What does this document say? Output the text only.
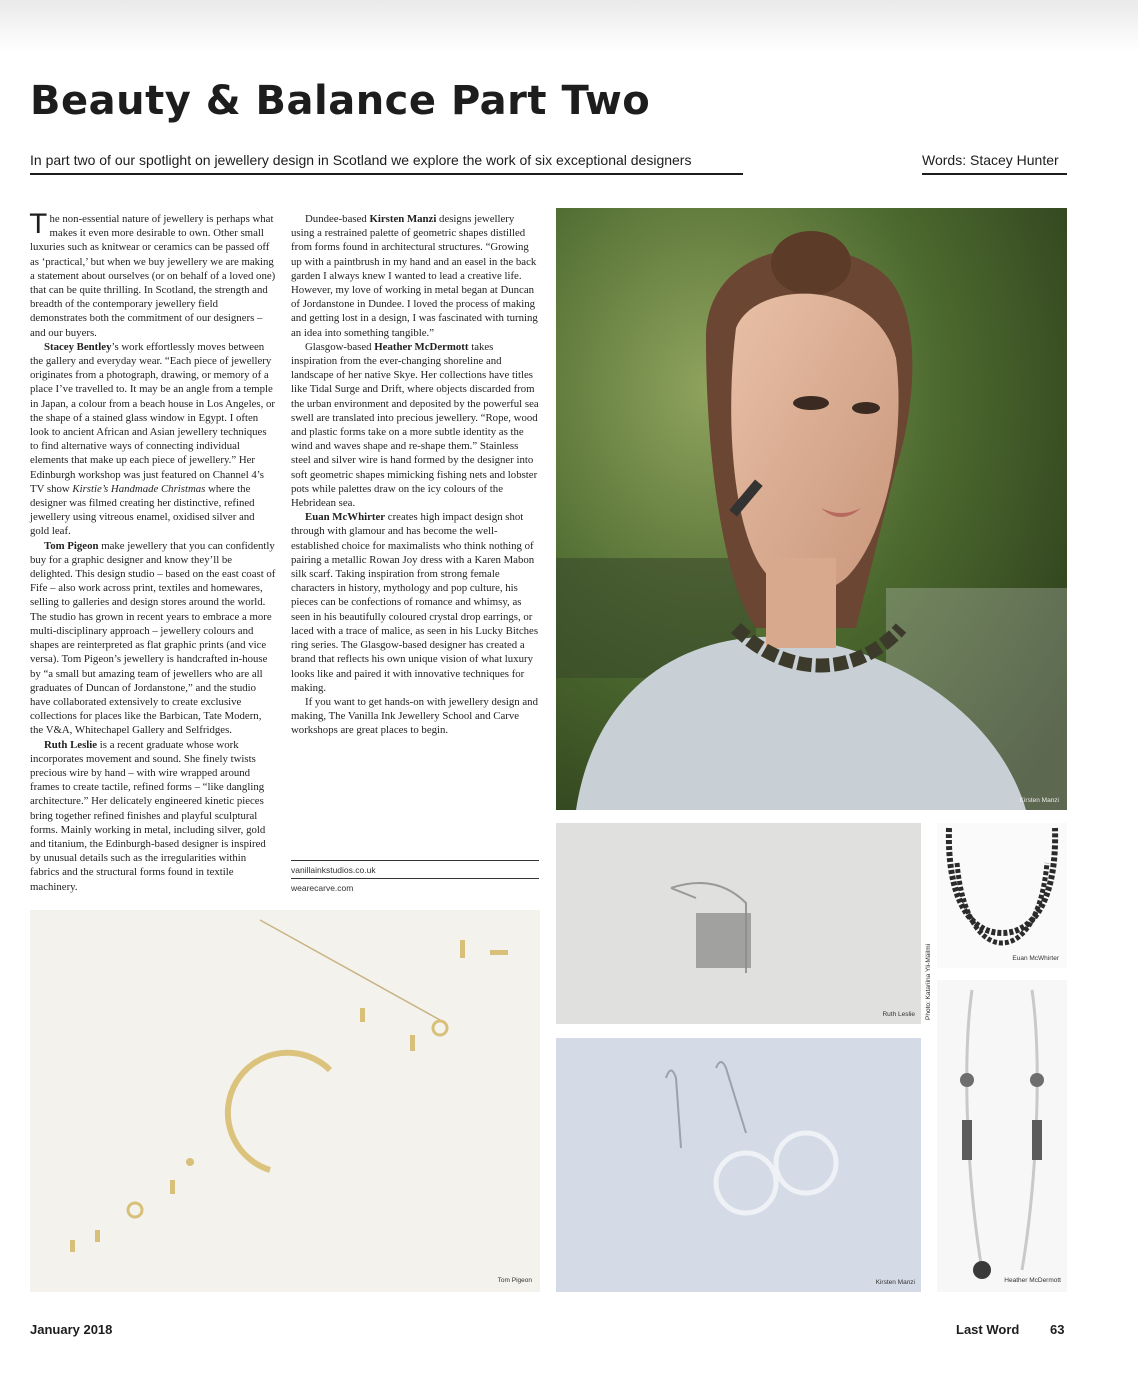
Beauty & Balance Part Two
In part two of our spotlight on jewellery design in Scotland we explore the work of six exceptional designers	Words: Stacey Hunter

The non-essential nature of jewellery is perhaps what makes it even more desirable to own. Other small luxuries such as knitwear or ceramics can be passed off as ‘practical,’ but when we buy jewellery we are making a statement about ourselves (or on behalf of a loved one) that can be quite thrilling. In Scotland, the strength and breadth of the contemporary jewellery field demonstrates both the commitment of our designers – and our buyers.

Stacey Bentley’s work effortlessly moves between the gallery and everyday wear. “Each piece of jewellery originates from a photograph, drawing, or memory of a place I’ve travelled to. It may be an angle from a temple in Japan, a colour from a beach house in Los Angeles, or the shape of a stained glass window in Egypt. I often look to ancient African and Asian jewellery techniques to find alternative ways of connecting individual elements that make up each piece of jewellery.” Her Edinburgh workshop was just featured on Channel 4’s TV show Kirstie’s Handmade Christmas where the designer was filmed creating her distinctive, refined jewellery using vitreous enamel, oxidised silver and gold leaf.

Tom Pigeon make jewellery that you can confidently buy for a graphic designer and know they’ll be delighted. This design studio – based on the east coast of Fife – also work across print, textiles and homewares, selling to galleries and design stores around the world. The studio has grown in recent years to embrace a more multi-disciplinary approach – jewellery colours and shapes are reinterpreted as flat graphic prints (and vice versa). Tom Pigeon’s jewellery is handcrafted in-house by “a small but amazing team of jewellers who are all graduates of Duncan of Jordanstone,” and the studio have collaborated extensively to create exclusive collections for places like the Barbican, Tate Modern, the V&A, Whitechapel Gallery and Selfridges.

Ruth Leslie is a recent graduate whose work incorporates movement and sound. She finely twists precious wire by hand – with wire wrapped around frames to create tactile, refined forms – “like dangling architecture.” Her delicately engineered kinetic pieces bring together refined finishes and playful sculptural forms. Mainly working in metal, including silver, gold and titanium, the Edinburgh-based designer is inspired by unusual details such as the irregularities within fabrics and the structural forms found in textile machinery.

Dundee-based Kirsten Manzi designs jewellery using a restrained palette of geometric shapes distilled from forms found in architectural structures. “Growing up with a paintbrush in my hand and an easel in the back garden I always knew I wanted to lead a creative life. However, my love of working in metal began at Duncan of Jordanstone in Dundee. I loved the process of making and getting lost in a design, I was fascinated with turning an idea into something tangible.”

Glasgow-based Heather McDermott takes inspiration from the ever-changing shoreline and landscape of her native Skye. Her collections have titles like Tidal Surge and Drift, where objects discarded from the urban environment and deposited by the powerful sea swell are translated into precious jewellery. “Rope, wood and plastic forms take on a more subtle identity as the wind and waves shape and re-shape them.” Stainless steel and silver wire is hand formed by the designer into soft geometric shapes mimicking fishing nets and lobster pots while palettes draw on the icy colours of the Hebridean sea.

Euan McWhirter creates high impact design shot through with glamour and has become the well-established choice for maximalists who think nothing of pairing a metallic Rowan Joy dress with a Karen Mabon silk scarf. Taking inspiration from strong female characters in history, mythology and pop culture, his pieces can be confections of romance and whimsy, as seen in his beautifully coloured crystal drop earrings, or laced with a trace of malice, as seen in his Lucky Bitches ring series. The Glasgow-based designer has created a brand that reflects his own unique vision of what luxury looks like and paired it with innovative techniques for making.

If you want to get hands-on with jewellery design and making, The Vanilla Ink Jewellery School and Carve workshops are great places to begin.

vanillainkstudios.co.uk
wearecarve.com
Kirsten Manzi
Ruth Leslie Photo: Katariina Yli-Mäilmi	Euan McWhirter
Tom Pigeon	Kirsten Manzi	Heather McDermott
January 2018	Last Word 63
